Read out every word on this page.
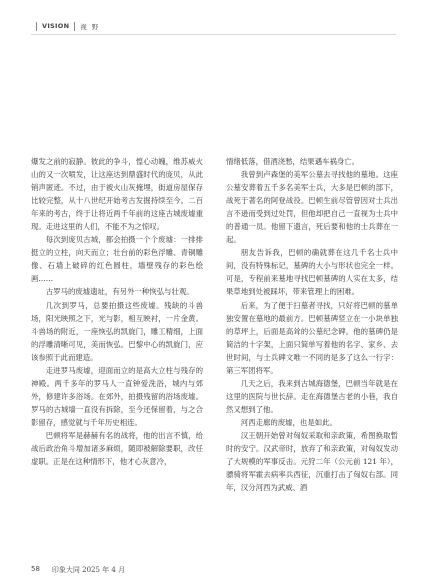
VISION 视 野

爆发之前的寂静。彼此的争斗，惶心动魄，维苏威火山的又一次喷发，让这座达到鼎盛时代的庞贝，从此销声匿迹。不过，由于被火山灰掩埋，街道房屋保存比较完整，从十八世纪开始考古发掘持续至今。二百年来的考古，终于让将近两千年前的这座古城废墟重现。走进这里的人们，不能不为之惊叹。

每次到庞贝古城，都会拍摄一个个废墟：一排排挺立的立柱，向天而立；壮台前的彩色浮雕、青铜雕像、石墙上破碎的红色圆柱，墙壁残存的彩色绘画……

古罗马的废墟遗址，有另外一种恢弘与壮观。

几次到罗马，总要拍摄这些废墟。残缺的斗兽场，阳光映照之下，光与影，相互映衬，一片金黄。斗兽场的附近，一座恢弘的凯旋门，雕工精细，上面的浮雕清晰可见，美而恢弘。巴黎中心的凯旋门，应该参照于此而建造。

走进罗马废墟，迎面而立的是高大立柱与残存的神殿。两千多年的罗马人一直钟爱洗浴，城内与郊外，修建许多浴场。在郊外，拍摄残留的浴场废墟。罗马的古城墙一直没有拆除，至今还保留着，与之合影留存，感觉就与千年历史相连。

巴顿将军是赫赫有名的战将，他的出言不慎，给战后政治角斗增加诸多麻烦，随即被解除要职，改任虚职。正是在这种情形下，他才心灰意冷，

情绪低落，借酒浇愁，结果遇车祸身亡。

我曾到卢森堡的美军公墓去寻找他的墓地。这座公墓安葬着五千多名美军士兵，大多是巴顿的部下，战死于著名的阿登战役。巴顿生前尽管曾因对士兵出言不逊而受到过处罚，但他却把自己一直视为士兵中的普通一员。他留下遗言，死后要和他的士兵葬在一起。

朋友告诉我，巴顿的确就葬在这几千名士兵中间，没有特殊标记，墓碑的大小与形状也完全一样。可是，专程前来墓地寻找巴顿墓碑的人实在太多，结果草地到处被踩坏，带来管理上的困难。

后来，为了便于扫墓者寻找，只好将巴顿的墓单独安置在墓地的最前方。巴顿墓碑竖立在一小块单独的草坪上，后面是高耸的公墓纪念碑。他的墓碑仍是简洁的十字架，上面只简单写着他的名字、家乡、去世时间，与士兵碑文唯一不同的是多了这么一行字：第三军团将军。

几天之后，我来到古城海德堡，巴顿当年就是在这里的医院与世长辞。走在海德堡古老的小巷，我自然又想到了他。

河西走廊的废墟，也是如此。

汉王朝开始曾对匈奴采取和亲政策，希图换取暂时的安宁。汉武帝时，放弃了和亲政策，对匈奴发动了大规模的军事反击。元狩二年（公元前 121 年），骠骑将军霍去病率兵西征，沉重打击了匈奴右部。同年，汉分河西为武威、酒

58 印象大同 2025 年 4 月
